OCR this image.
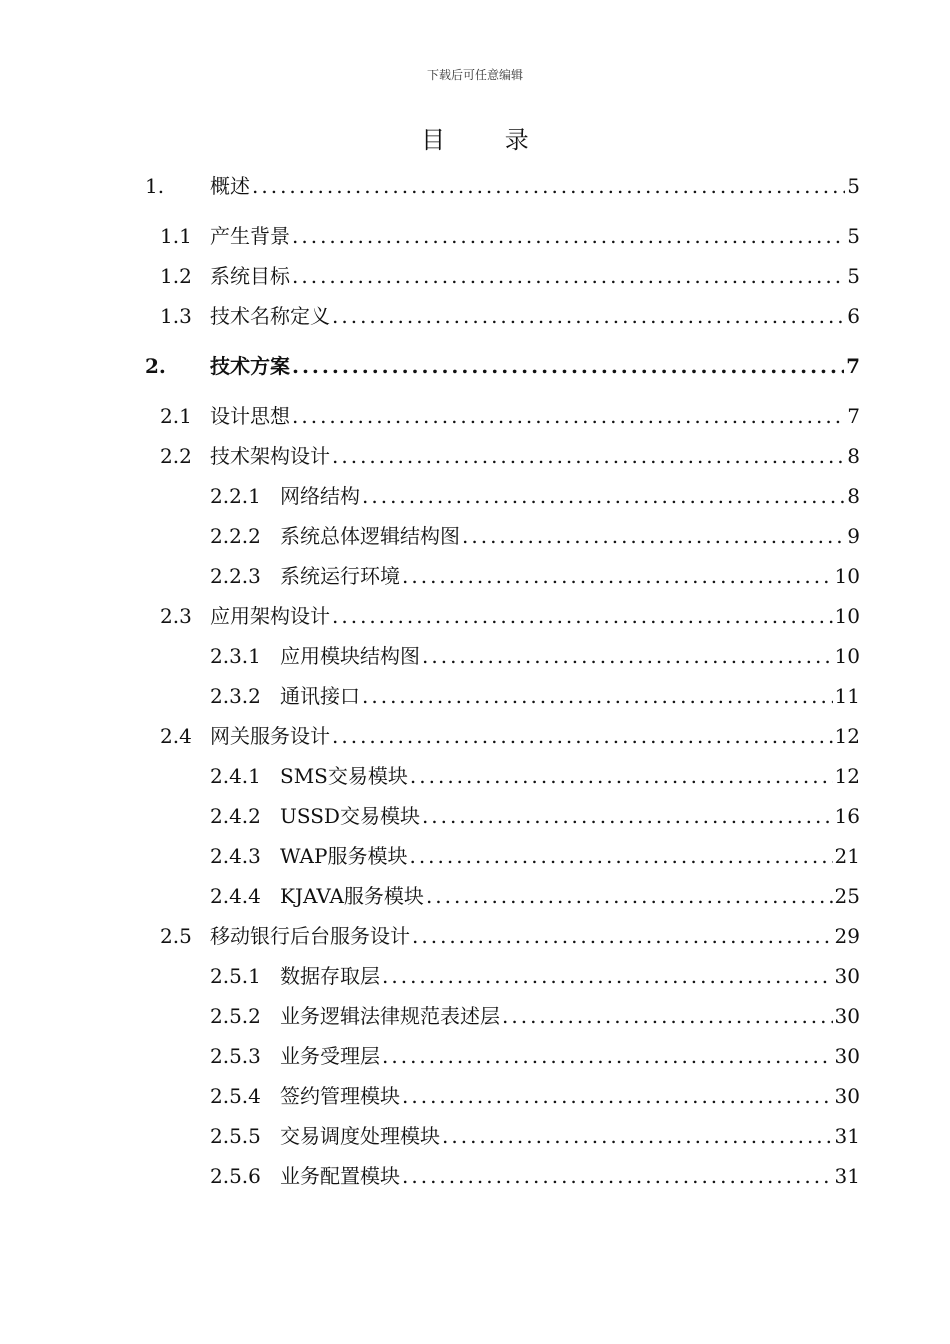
下载后可任意编辑
目 录
1.	概述 .....	5
1.1 产生背景 .....	5
1.2 系统目标 .....	5
1.3 技术名称定义 .....	6
2.	技术方案 .....	7
2.1 设计思想 .....	7
2.2 技术架构设计 .....	8
2.2.1 网络结构 .....	8
2.2.2 系统总体逻辑结构图 .....	9
2.2.3 系统运行环境 .....	10
2.3 应用架构设计 .....	10
2.3.1 应用模块结构图 .....	10
2.3.2 通讯接口 .....	11
2.4 网关服务设计 .....	12
2.4.1 SMS交易模块 .....	12
2.4.2 USSD交易模块 .....	16
2.4.3 WAP服务模块 .....	21
2.4.4 KJAVA服务模块 .....	25
2.5 移动银行后台服务设计 .....	29
2.5.1 数据存取层 .....	30
2.5.2 业务逻辑法律规范表述层 .....	30
2.5.3 业务受理层 .....	30
2.5.4 签约管理模块 .....	30
2.5.5 交易调度处理模块 .....	31
2.5.6 业务配置模块 .....	31
